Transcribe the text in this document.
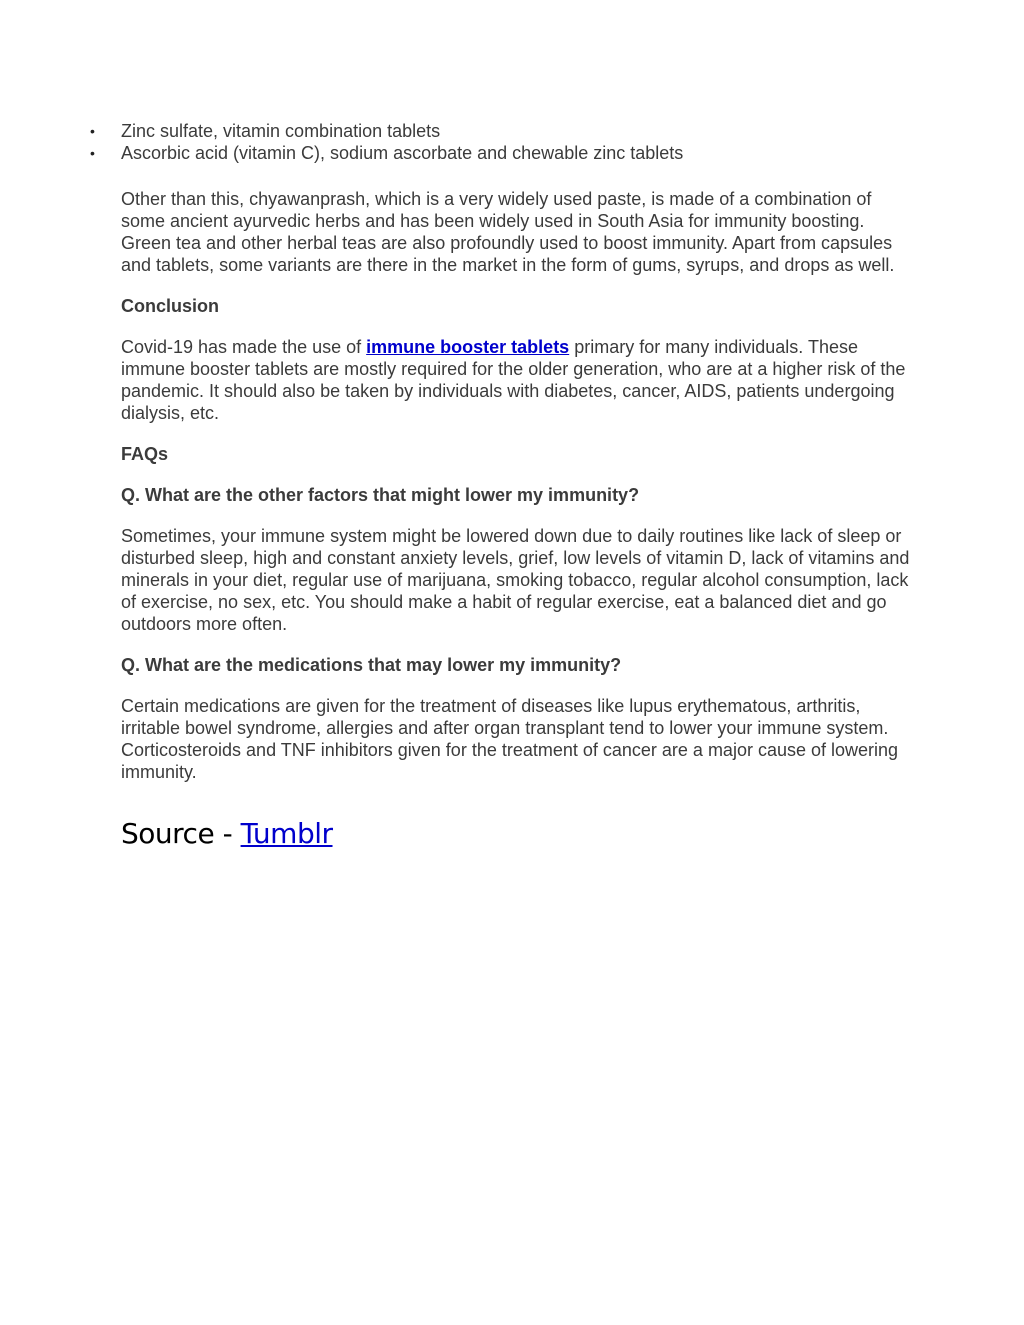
• Zinc sulfate, vitamin combination tablets
• Ascorbic acid (vitamin C), sodium ascorbate and chewable zinc tablets

Other than this, chyawanprash, which is a very widely used paste, is made of a combination of some ancient ayurvedic herbs and has been widely used in South Asia for immunity boosting. Green tea and other herbal teas are also profoundly used to boost immunity. Apart from capsules and tablets, some variants are there in the market in the form of gums, syrups, and drops as well.

Conclusion

Covid-19 has made the use of immune booster tablets primary for many individuals. These immune booster tablets are mostly required for the older generation, who are at a higher risk of the pandemic. It should also be taken by individuals with diabetes, cancer, AIDS, patients undergoing dialysis, etc.

FAQs

Q. What are the other factors that might lower my immunity?

Sometimes, your immune system might be lowered down due to daily routines like lack of sleep or disturbed sleep, high and constant anxiety levels, grief, low levels of vitamin D, lack of vitamins and minerals in your diet, regular use of marijuana, smoking tobacco, regular alcohol consumption, lack of exercise, no sex, etc. You should make a habit of regular exercise, eat a balanced diet and go outdoors more often.

Q. What are the medications that may lower my immunity?

Certain medications are given for the treatment of diseases like lupus erythematous, arthritis, irritable bowel syndrome, allergies and after organ transplant tend to lower your immune system. Corticosteroids and TNF inhibitors given for the treatment of cancer are a major cause of lowering immunity.

Source - Tumblr
